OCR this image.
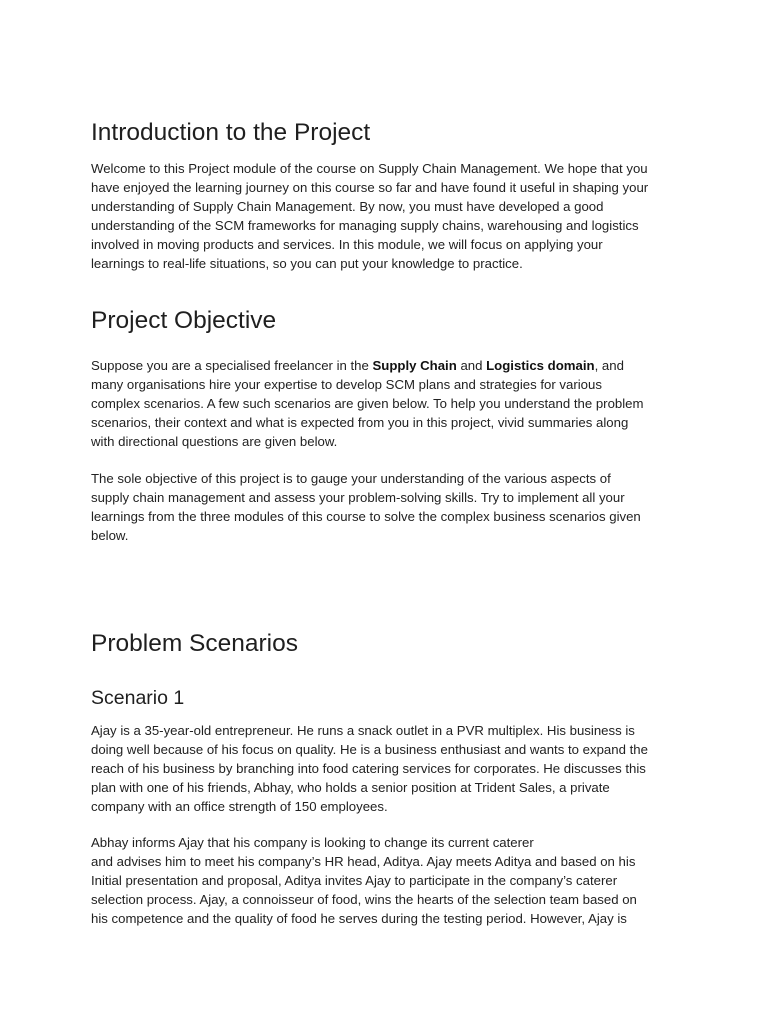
Introduction to the Project

Welcome to this Project module of the course on Supply Chain Management. We hope that you
have enjoyed the learning journey on this course so far and have found it useful in shaping your
understanding of Supply Chain Management. By now, you must have developed a good
understanding of the SCM frameworks for managing supply chains, warehousing and logistics
involved in moving products and services. In this module, we will focus on applying your
learnings to real-life situations, so you can put your knowledge to practice.

Project Objective

Suppose you are a specialised freelancer in the Supply Chain and Logistics domain, and
many organisations hire your expertise to develop SCM plans and strategies for various
complex scenarios. A few such scenarios are given below. To help you understand the problem
scenarios, their context and what is expected from you in this project, vivid summaries along
with directional questions are given below.

The sole objective of this project is to gauge your understanding of the various aspects of
supply chain management and assess your problem-solving skills. Try to implement all your
learnings from the three modules of this course to solve the complex business scenarios given
below.

Problem Scenarios
Scenario 1

Ajay is a 35-year-old entrepreneur. He runs a snack outlet in a PVR multiplex. His business is
doing well because of his focus on quality. He is a business enthusiast and wants to expand the
reach of his business by branching into food catering services for corporates. He discusses this
plan with one of his friends, Abhay, who holds a senior position at Trident Sales, a private
company with an office strength of 150 employees.

Abhay informs Ajay that his company is looking to change its current caterer
and advises him to meet his company’s HR head, Aditya. Ajay meets Aditya and based on his
Initial presentation and proposal, Aditya invites Ajay to participate in the company’s caterer
selection process. Ajay, a connoisseur of food, wins the hearts of the selection team based on
his competence and the quality of food he serves during the testing period. However, Ajay is
